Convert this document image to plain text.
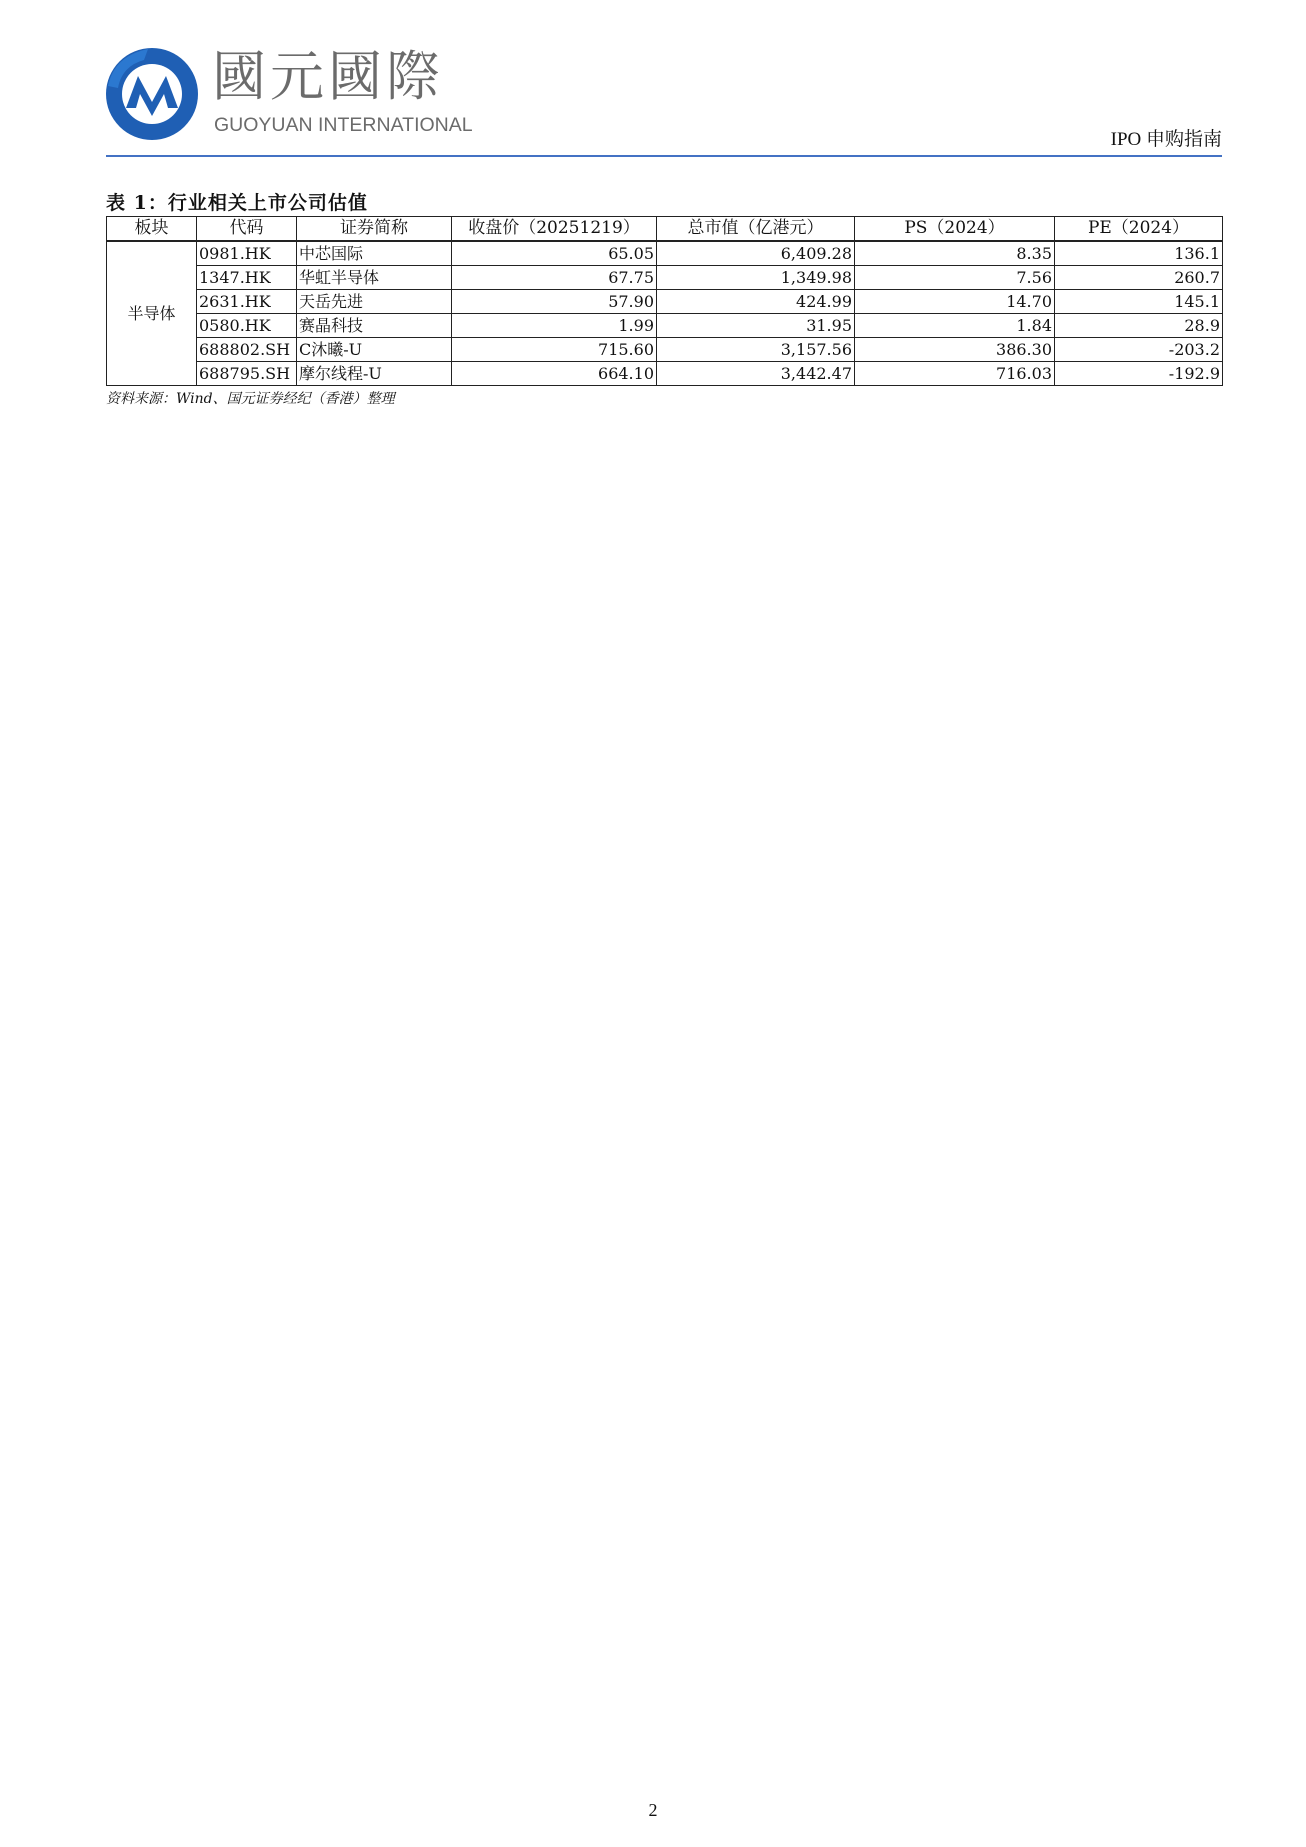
國元國際
GUOYUAN INTERNATIONAL
IPO 申购指南
表 1：行业相关上市公司估值
板块	代码	证券简称	收盘价（20251219）	总市值（亿港元）	PS（2024）	PE（2024）
半导体	0981.HK	中芯国际	65.05	6,409.28	8.35	136.1
	1347.HK	华虹半导体	67.75	1,349.98	7.56	260.7
	2631.HK	天岳先进	57.90	424.99	14.70	145.1
	0580.HK	赛晶科技	1.99	31.95	1.84	28.9
	688802.SH	C沐曦-U	715.60	3,157.56	386.30	-203.2
	688795.SH	摩尔线程-U	664.10	3,442.47	716.03	-192.9
资料来源：Wind、国元证券经纪（香港）整理
2
